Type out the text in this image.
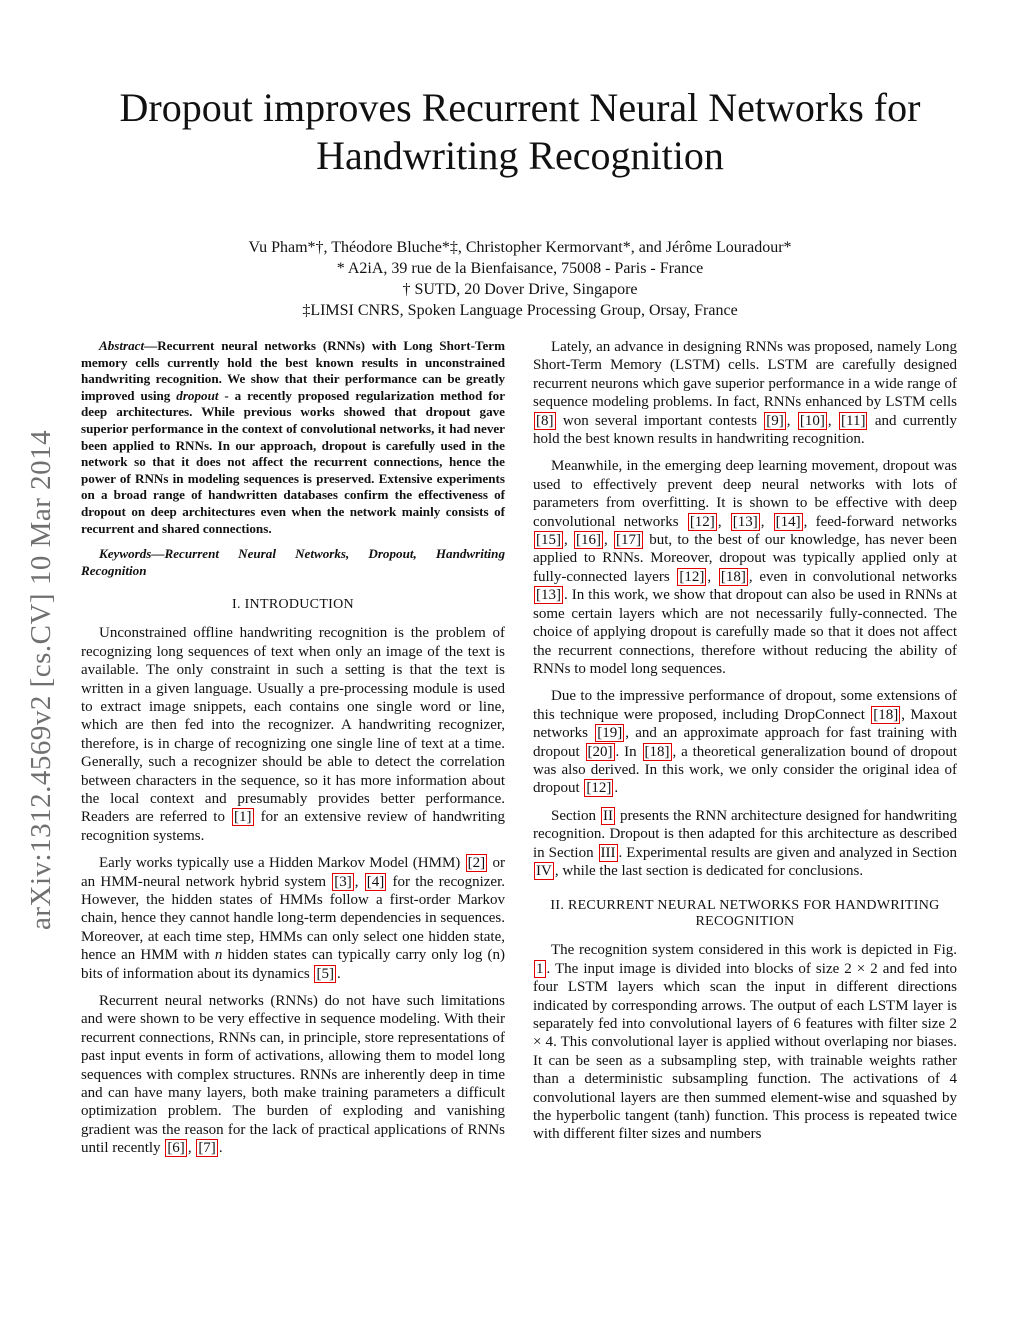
arXiv:1312.4569v2 [cs.CV] 10 Mar 2014
Dropout improves Recurrent Neural Networks for
Handwriting Recognition
Vu Pham*†, Théodore Bluche*‡, Christopher Kermorvant*, and Jérôme Louradour*
* A2iA, 39 rue de la Bienfaisance, 75008 - Paris - France
† SUTD, 20 Dover Drive, Singapore
‡LIMSI CNRS, Spoken Language Processing Group, Orsay, France

Abstract—Recurrent neural networks (RNNs) with Long Short-Term memory cells currently hold the best known results in unconstrained handwriting recognition. We show that their performance can be greatly improved using dropout - a recently proposed regularization method for deep architectures. While previous works showed that dropout gave superior performance in the context of convolutional networks, it had never been applied to RNNs. In our approach, dropout is carefully used in the network so that it does not affect the recurrent connections, hence the power of RNNs in modeling sequences is preserved. Extensive experiments on a broad range of handwritten databases confirm the effectiveness of dropout on deep architectures even when the network mainly consists of recurrent and shared connections.

Keywords—Recurrent Neural Networks, Dropout, Handwriting Recognition

I. INTRODUCTION

Unconstrained offline handwriting recognition is the problem of recognizing long sequences of text when only an image of the text is available. The only constraint in such a setting is that the text is written in a given language. Usually a pre-processing module is used to extract image snippets, each contains one single word or line, which are then fed into the recognizer. A handwriting recognizer, therefore, is in charge of recognizing one single line of text at a time. Generally, such a recognizer should be able to detect the correlation between characters in the sequence, so it has more information about the local context and presumably provides better performance. Readers are referred to [1] for an extensive review of handwriting recognition systems.

Early works typically use a Hidden Markov Model (HMM) [2] or an HMM-neural network hybrid system [3] , [4] for the recognizer. However, the hidden states of HMMs follow a first-order Markov chain, hence they cannot handle long-term dependencies in sequences. Moreover, at each time step, HMMs can only select one hidden state, hence an HMM with n hidden states can typically carry only log (n) bits of information about its dynamics [5] .

Recurrent neural networks (RNNs) do not have such limitations and were shown to be very effective in sequence modeling. With their recurrent connections, RNNs can, in principle, store representations of past input events in form of activations, allowing them to model long sequences with complex structures. RNNs are inherently deep in time and can have many layers, both make training parameters a difficult optimization problem. The burden of exploding and vanishing gradient was the reason for the lack of practical applications of RNNs until recently [6] , [7] .

Lately, an advance in designing RNNs was proposed, namely Long Short-Term Memory (LSTM) cells. LSTM are carefully designed recurrent neurons which gave superior performance in a wide range of sequence modeling problems. In fact, RNNs enhanced by LSTM cells [8] won several important contests [9] , [10] , [11] and currently hold the best known results in handwriting recognition.

Meanwhile, in the emerging deep learning movement, dropout was used to effectively prevent deep neural networks with lots of parameters from overfitting. It is shown to be effective with deep convolutional networks [12] , [13] , [14] , feed-forward networks [15] , [16] , [17] but, to the best of our knowledge, has never been applied to RNNs. Moreover, dropout was typically applied only at fully-connected layers [12] , [18] , even in convolutional networks [13] . In this work, we show that dropout can also be used in RNNs at some certain layers which are not necessarily fully-connected. The choice of applying dropout is carefully made so that it does not affect the recurrent connections, therefore without reducing the ability of RNNs to model long sequences.

Due to the impressive performance of dropout, some extensions of this technique were proposed, including DropConnect [18] , Maxout networks [19] , and an approximate approach for fast training with dropout [20] . In [18] , a theoretical generalization bound of dropout was also derived. In this work, we only consider the original idea of dropout [12] .

Section II presents the RNN architecture designed for handwriting recognition. Dropout is then adapted for this architecture as described in Section III . Experimental results are given and analyzed in Section IV , while the last section is dedicated for conclusions.

II. RECURRENT NEURAL NETWORKS FOR HANDWRITING
RECOGNITION

The recognition system considered in this work is depicted in Fig. 1 . The input image is divided into blocks of size 2 × 2 and fed into four LSTM layers which scan the input in different directions indicated by corresponding arrows. The output of each LSTM layer is separately fed into convolutional layers of 6 features with filter size 2 × 4. This convolutional layer is applied without overlaping nor biases. It can be seen as a subsampling step, with trainable weights rather than a deterministic subsampling function. The activations of 4 convolutional layers are then summed element-wise and squashed by the hyperbolic tangent (tanh) function. This process is repeated twice with different filter sizes and numbers
